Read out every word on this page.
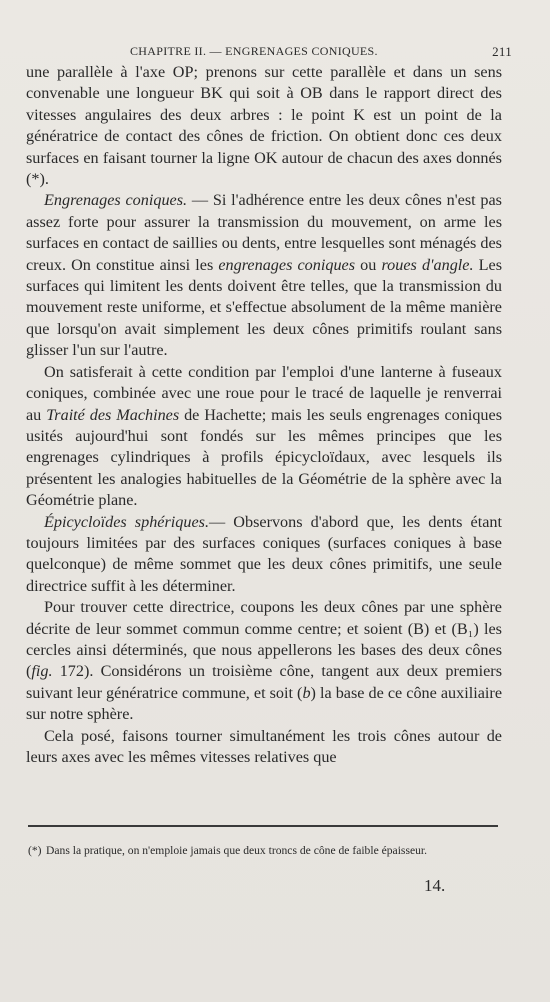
CHAPITRE II. — ENGRENAGES CONIQUES.	211

une parallèle à l'axe OP; prenons sur cette parallèle et dans un sens convenable une longueur BK qui soit à OB dans le rapport direct des vitesses angulaires des deux arbres : le point K est un point de la génératrice de contact des cônes de friction. On obtient donc ces deux surfaces en faisant tourner la ligne OK autour de chacun des axes donnés (*).

Engrenages coniques. — Si l'adhérence entre les deux cônes n'est pas assez forte pour assurer la transmission du mouvement, on arme les surfaces en contact de saillies ou dents, entre lesquelles sont ménagés des creux. On constitue ainsi les engrenages coniques ou roues d'angle. Les surfaces qui limitent les dents doivent être telles, que la transmission du mouvement reste uniforme, et s'effectue absolument de la même manière que lorsqu'on avait simplement les deux cônes primitifs roulant sans glisser l'un sur l'autre.

On satisferait à cette condition par l'emploi d'une lanterne à fuseaux coniques, combinée avec une roue pour le tracé de laquelle je renverrai au Traité des Machines de Hachette; mais les seuls engrenages coniques usités aujourd'hui sont fondés sur les mêmes principes que les engrenages cylindriques à profils épicycloïdaux, avec lesquels ils présentent les analogies habituelles de la Géométrie de la sphère avec la Géométrie plane.

Épicycloïdes sphériques.— Observons d'abord que, les dents étant toujours limitées par des surfaces coniques (surfaces coniques à base quelconque) de même sommet que les deux cônes primitifs, une seule directrice suffit à les déterminer.

Pour trouver cette directrice, coupons les deux cônes par une sphère décrite de leur sommet commun comme centre; et soient (B) et (B₁) les cercles ainsi déterminés, que nous appellerons les bases des deux cônes (fig. 172). Considérons un troisième cône, tangent aux deux premiers suivant leur génératrice commune, et soit (b) la base de ce cône auxiliaire sur notre sphère.

Cela posé, faisons tourner simultanément les trois cônes autour de leurs axes avec les mêmes vitesses relatives que

(*) Dans la pratique, on n'emploie jamais que deux troncs de cône de faible épaisseur.
14.
